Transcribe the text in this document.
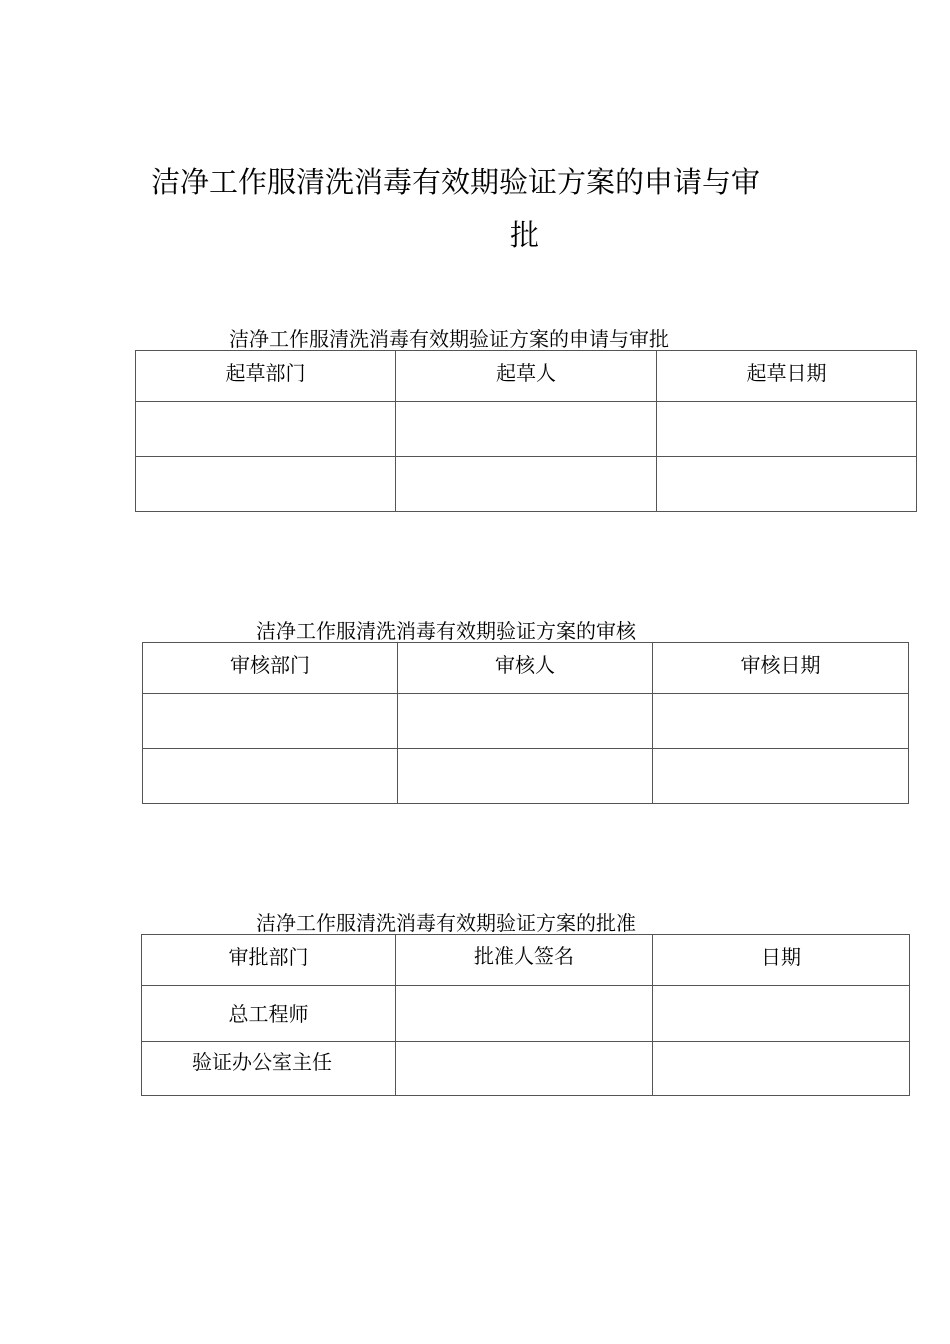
洁净工作服清洗消毒有效期验证方案的申请与审
批
洁净工作服清洗消毒有效期验证方案的申请与审批
起草部门	起草人	起草日期

洁净工作服清洗消毒有效期验证方案的审核
审核部门	审核人	审核日期

洁净工作服清洗消毒有效期验证方案的批准
审批部门	批准人签名	日期

总工程师		

验证办公室主任		
